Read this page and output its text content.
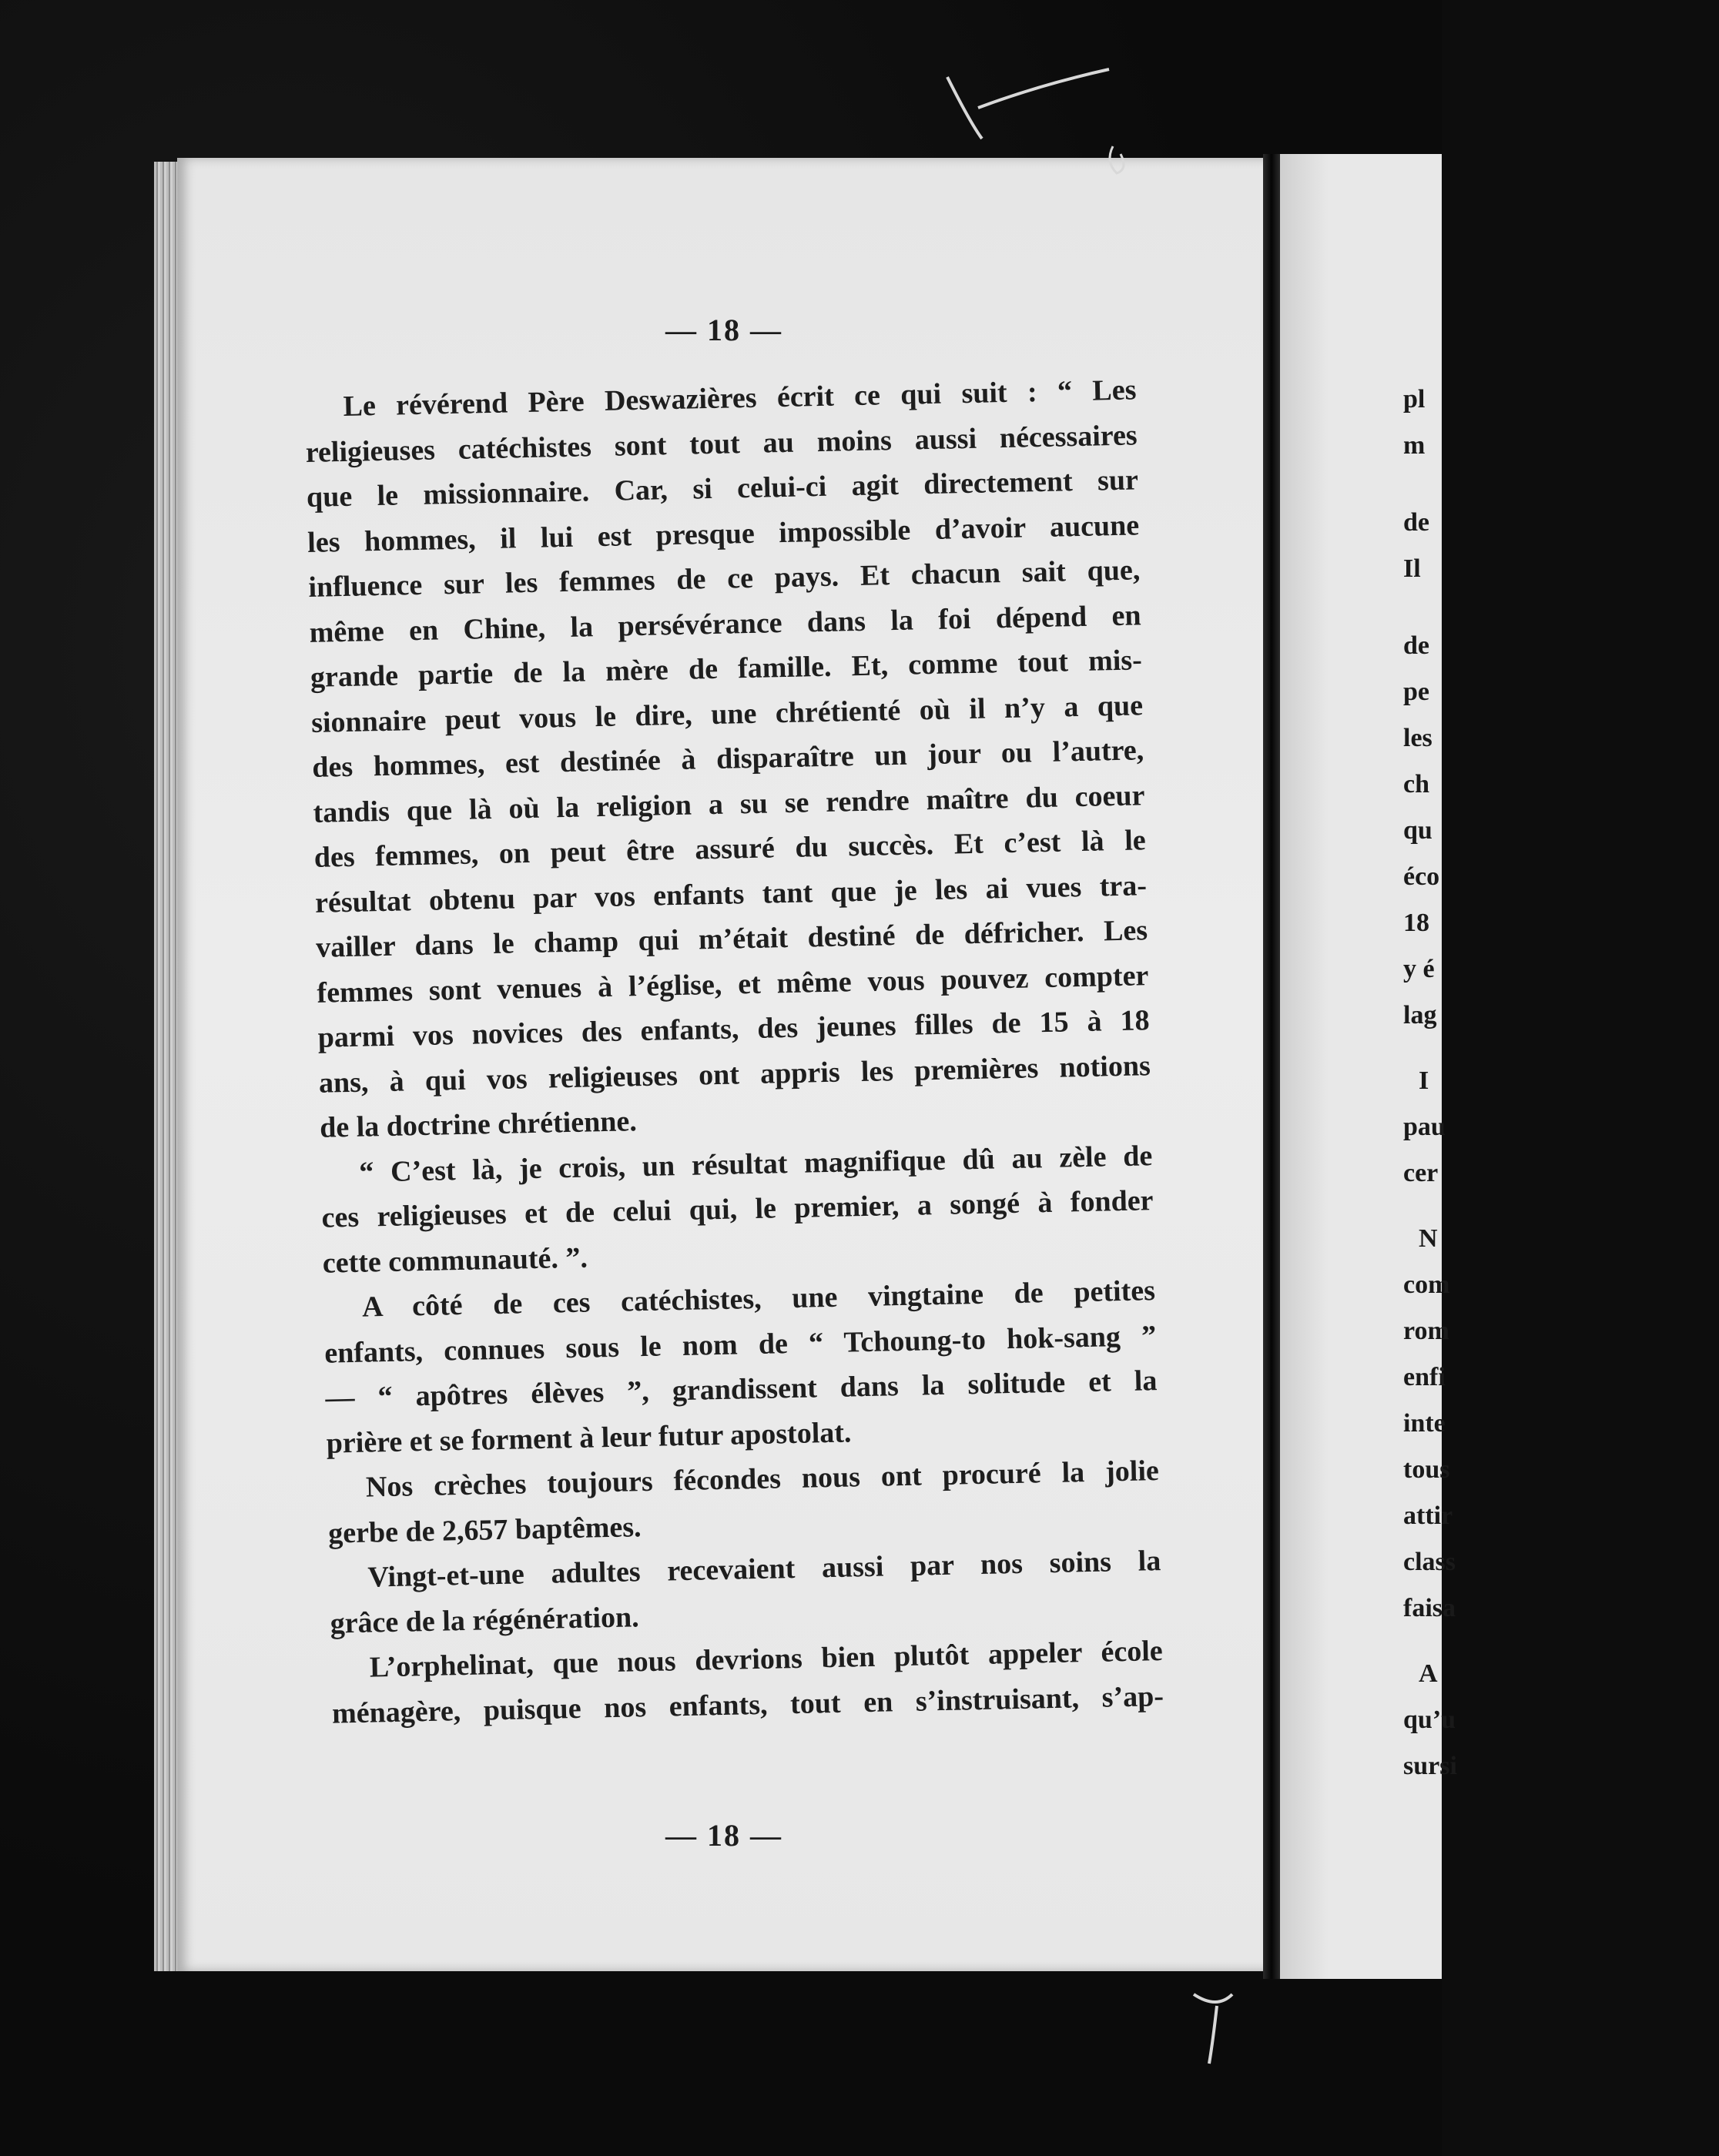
— 18 —
Le révérend Père Deswazières écrit ce qui suit : “ Les
religieuses catéchistes sont tout au moins aussi nécessaires
que le missionnaire. Car, si celui-ci agit directement sur
les hommes, il lui est presque impossible d’avoir aucune
influence sur les femmes de ce pays. Et chacun sait que,
même en Chine, la persévérance dans la foi dépend en
grande partie de la mère de famille. Et, comme tout mis-
sionnaire peut vous le dire, une chrétienté où il n’y a que
des hommes, est destinée à disparaître un jour ou l’autre,
tandis que là où la religion a su se rendre maître du coeur
des femmes, on peut être assuré du succès. Et c’est là le
résultat obtenu par vos enfants tant que je les ai vues tra-
vailler dans le champ qui m’était destiné de défricher. Les
femmes sont venues à l’église, et même vous pouvez compter
parmi vos novices des enfants, des jeunes filles de 15 à 18
ans, à qui vos religieuses ont appris les premières notions
de la doctrine chrétienne.
“ C’est là, je crois, un résultat magnifique dû au zèle de
ces religieuses et de celui qui, le premier, a songé à fonder
cette communauté. ”.
A côté de ces catéchistes, une vingtaine de petites
enfants, connues sous le nom de “ Tchoung-to hok-sang ”
— “ apôtres élèves ”, grandissent dans la solitude et la
prière et se forment à leur futur apostolat.
Nos crèches toujours fécondes nous ont procuré la jolie
gerbe de 2,657 baptêmes.
Vingt-et-une adultes recevaient aussi par nos soins la
grâce de la régénération.
L’orphelinat, que nous devrions bien plutôt appeler école
ménagère, puisque nos enfants, tout en s’instruisant, s’ap-
— 18 —
pl
m
de
Il
de
pe
les
ch
qu
éco
18
y é
lag
I
pau
cer
N
com
rom
enfi
inte
tous
attir
class
faisa
A
qu’u
sursi
